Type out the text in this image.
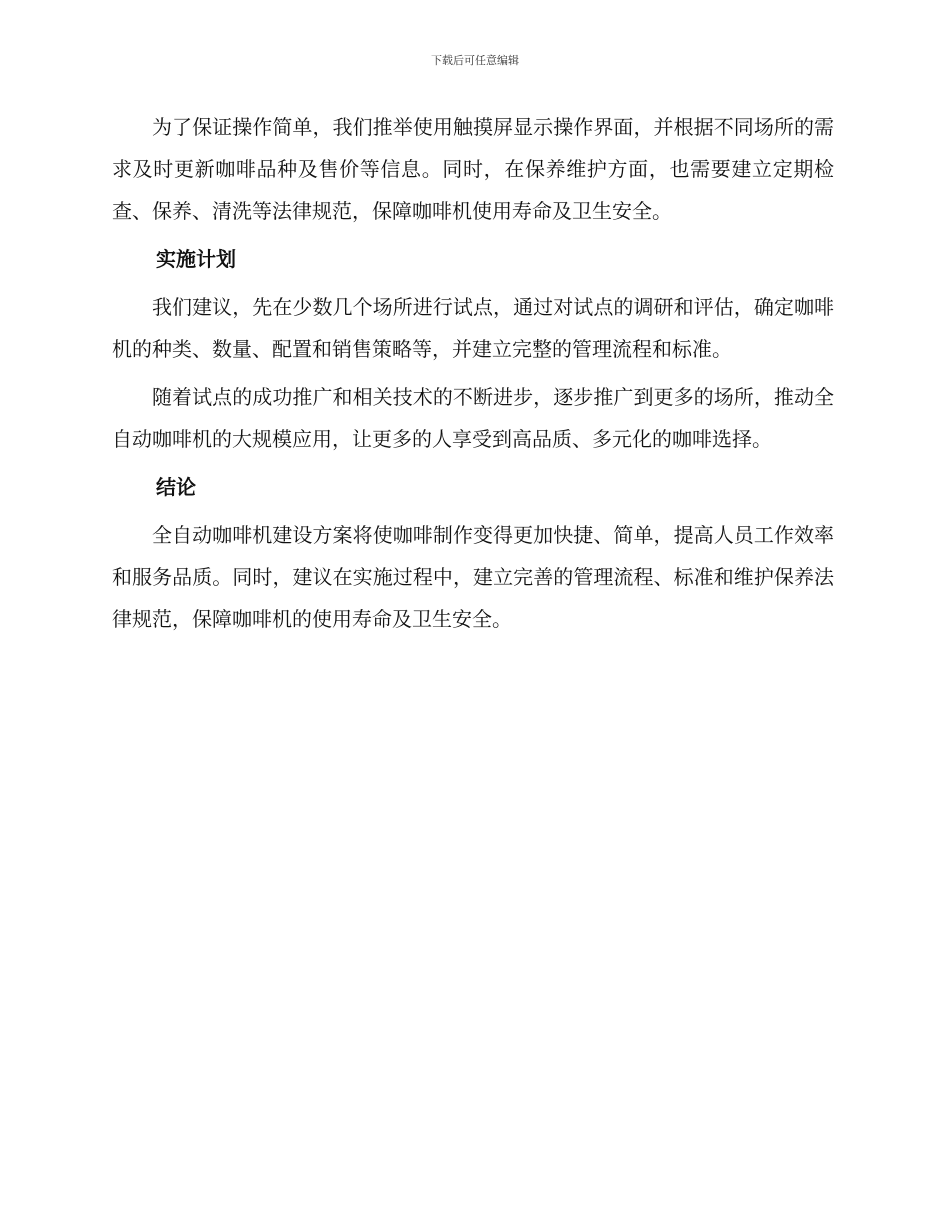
下载后可任意编辑

为了保证操作简单，我们推举使用触摸屏显示操作界面，并根据不同场所的需求及时更新咖啡品种及售价等信息。同时，在保养维护方面，也需要建立定期检查、保养、清洗等法律规范，保障咖啡机使用寿命及卫生安全。

实施计划

我们建议，先在少数几个场所进行试点，通过对试点的调研和评估，确定咖啡机的种类、数量、配置和销售策略等，并建立完整的管理流程和标准。

随着试点的成功推广和相关技术的不断进步，逐步推广到更多的场所，推动全自动咖啡机的大规模应用，让更多的人享受到高品质、多元化的咖啡选择。

结论

全自动咖啡机建设方案将使咖啡制作变得更加快捷、简单，提高人员工作效率和服务品质。同时，建议在实施过程中，建立完善的管理流程、标准和维护保养法律规范，保障咖啡机的使用寿命及卫生安全。
